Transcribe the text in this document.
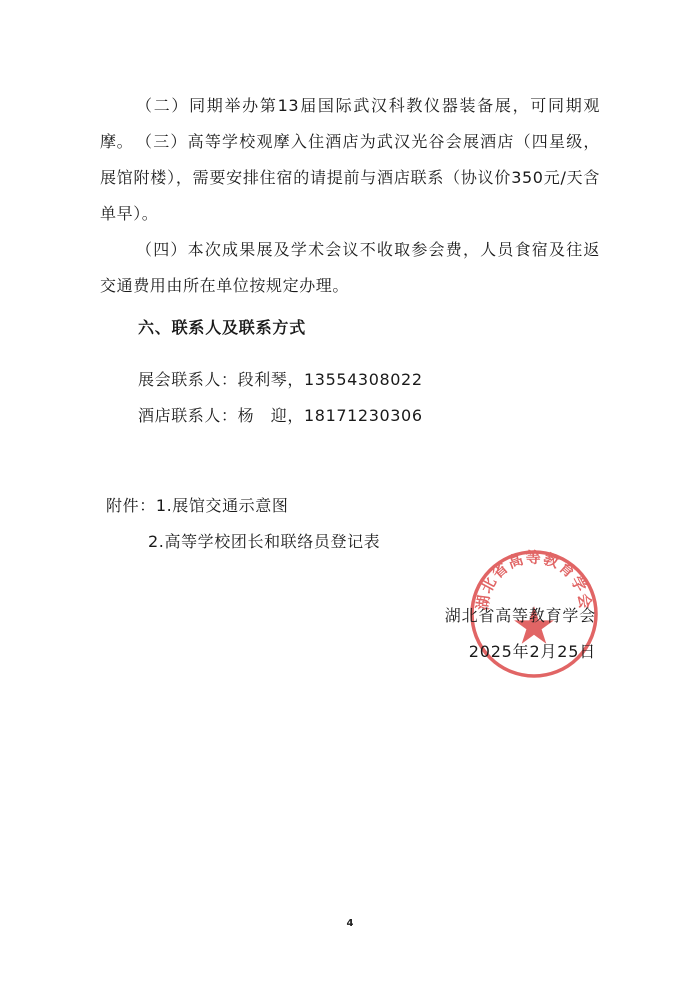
（二）同期举办第13届国际武汉科教仪器装备展，可同期观摩。 （三）高等学校观摩入住酒店为武汉光谷会展酒店（四星级，展馆附楼），需要安排住宿的请提前与酒店联系（协议价350元/天含单早）。

（四）本次成果展及学术会议不收取参会费，人员食宿及往返交通费用由所在单位按规定办理。

六、联系人及联系方式

展会联系人：段利琴，13554308022

酒店联系人：杨　迎，18171230306

附件：1.展馆交通示意图

2.高等学校团长和联络员登记表

湖北省高等教育学会

湖北省高等教育学会

2025年2月25日

4
